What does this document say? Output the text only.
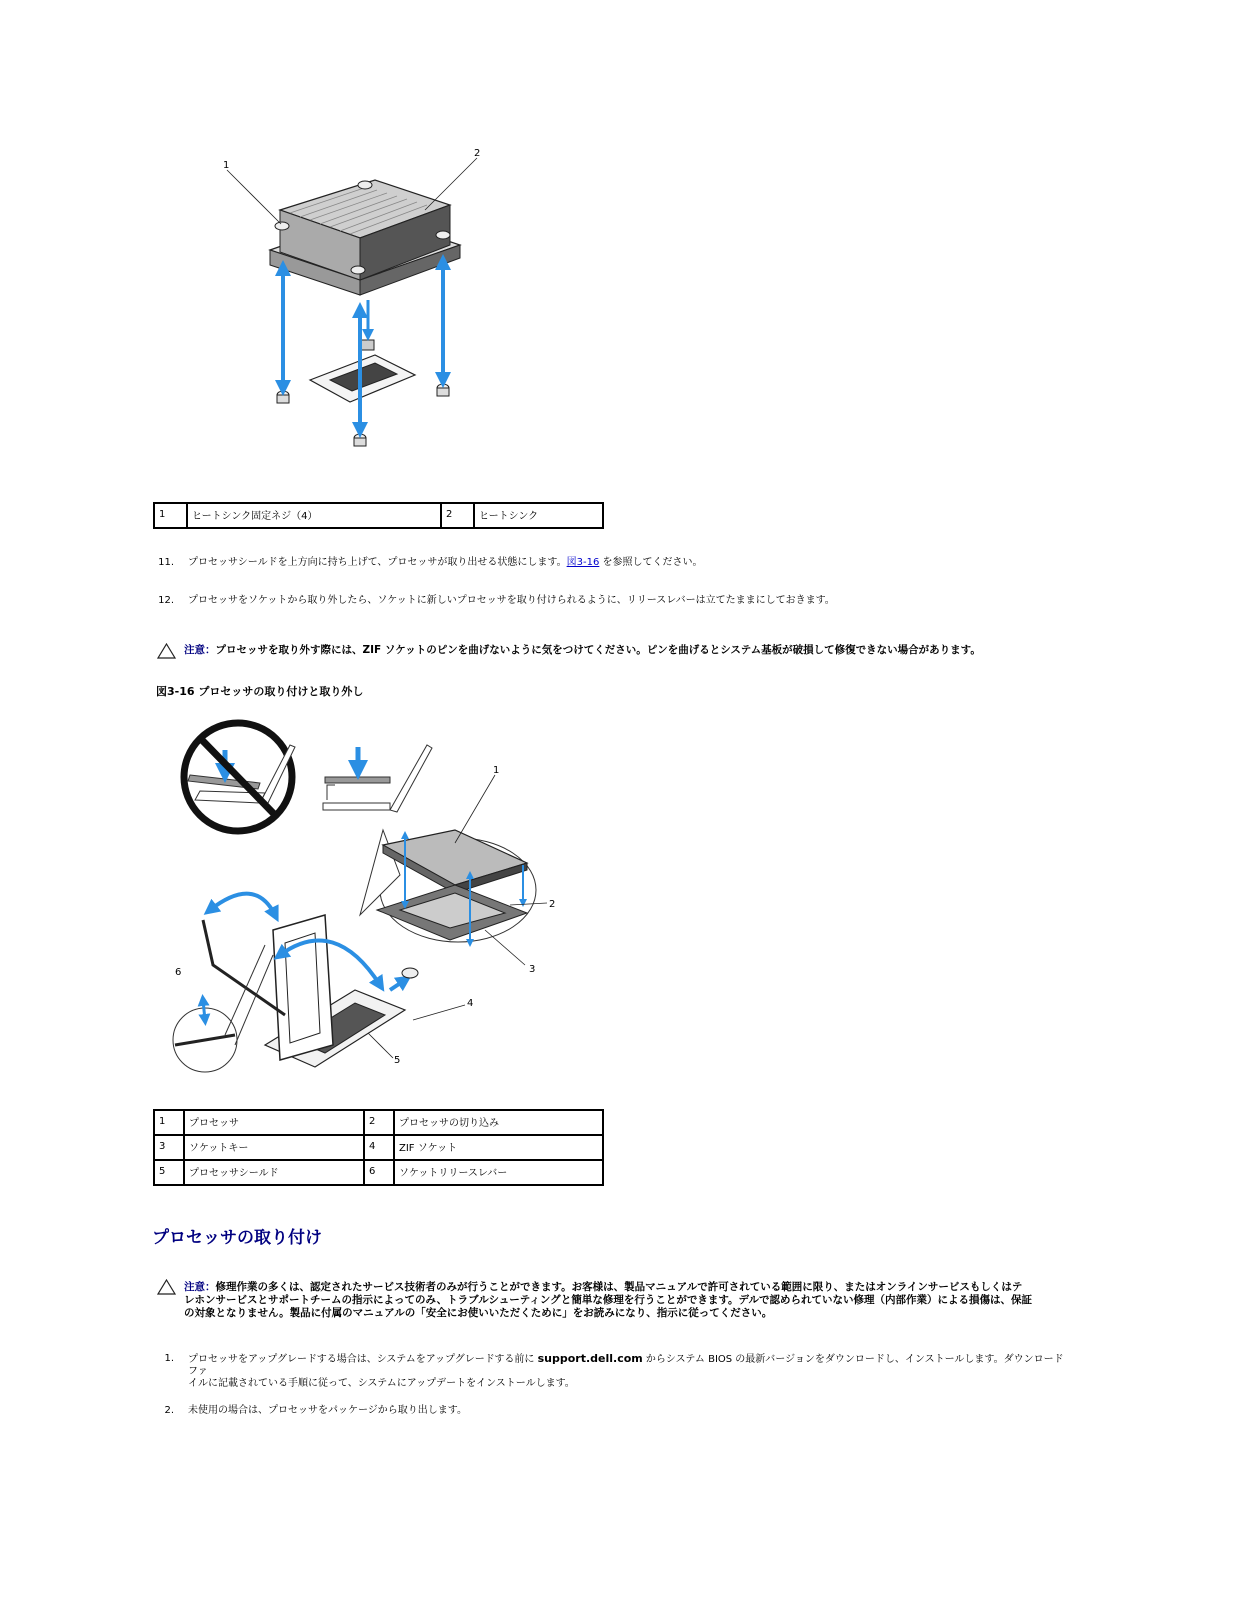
1
2
1	ヒートシンク固定ネジ（4）	2	ヒートシンク
11. プロセッサシールドを上方向に持ち上げて、プロセッサが取り出せる状態にします。図3-16 を参照してください。
12. プロセッサをソケットから取り外したら、ソケットに新しいプロセッサを取り付けられるように、リリースレバーは立てたままにしておきます。
注意：プロセッサを取り外す際には、ZIF ソケットのピンを曲げないように気をつけてください。ピンを曲げるとシステム基板が破損して修復できない場合があります。
図3-16 プロセッサの取り付けと取り外し
1
2
3
4
5
6
1	プロセッサ	2	プロセッサの切り込み
3	ソケットキー	4	ZIF ソケット
5	プロセッサシールド	6	ソケットリリースレバー
プロセッサの取り付け
注意：修理作業の多くは、認定されたサービス技術者のみが行うことができます。お客様は、製品マニュアルで許可されている範囲に限り、またはオンラインサービスもしくはテ
レホンサービスとサポートチームの指示によってのみ、トラブルシューティングと簡単な修理を行うことができます。デルで認められていない修理（内部作業）による損傷は、保証
の対象となりません。製品に付属のマニュアルの「安全にお使いいただくために」をお読みになり、指示に従ってください。
1. プロセッサをアップグレードする場合は、システムをアップグレードする前に support.dell.com からシステム BIOS の最新バージョンをダウンロードし、インストールします。ダウンロードファ
イルに記載されている手順に従って、システムにアップデートをインストールします。
2. 未使用の場合は、プロセッサをパッケージから取り出します。
